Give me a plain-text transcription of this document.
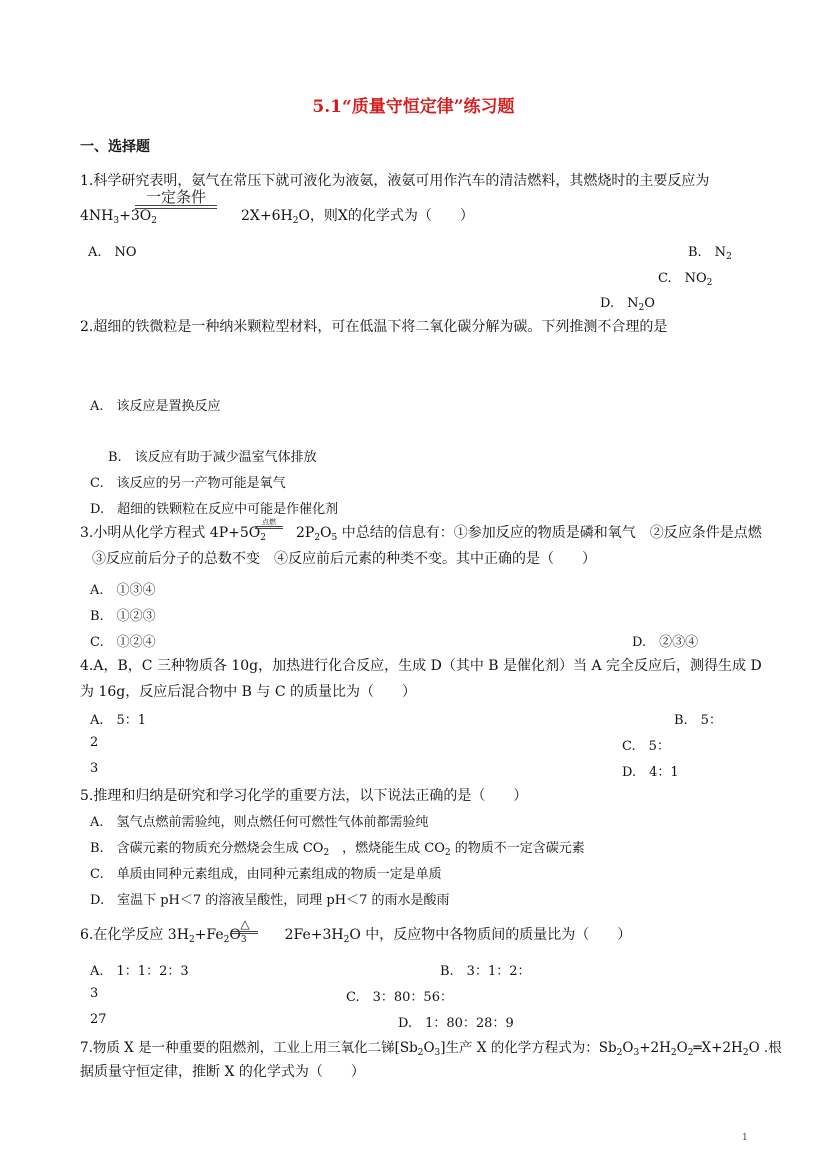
5.1“质量守恒定律”练习题
一、选择题
1.科学研究表明，氨气在常压下就可液化为液氨，液氨可用作汽车的清洁燃料，其燃烧时的主要反应为
$4NH_3+3O_2$	$2X+6H_2O$，则X的化学式为（　　）
一定条件
A.　NO	B.　$N_2$
C.　$NO_2$
D.　$N_2O$
2.超细的铁微粒是一种纳米颗粒型材料，可在低温下将二氧化碳分解为碳。下列推测不合理的是
A.　该反应是置换反应
B.　该反应有助于减少温室气体排放
C.　该反应的另一产物可能是氧气
D.　超细的铁颗粒在反应中可能是作催化剂
3.小明从化学方程式 $4P+5O_2$ $2P_2O_5$ 中总结的信息有：①参加反应的物质是磷和氧气　②反应条件是点燃
点燃
③反应前后分子的总数不变　④反应前后元素的种类不变。其中正确的是（　　）
A.　①③④
B.　①②③
C.　①②④	D.　②③④
4.A，B，C 三种物质各 10g，加热进行化合反应，生成 D（其中 B 是催化剂）当 A 完全反应后，测得生成 D
为 16g，反应后混合物中 B 与 C 的质量比为（　　）
A.　5：1	B.　5：
2	C.　5：
3	D.　4：1
5.推理和归纳是研究和学习化学的重要方法，以下说法正确的是（　　）
A.　氢气点燃前需验纯，则点燃任何可燃性气体前都需验纯
B.　含碳元素的物质充分燃烧会生成 $CO_2$　，燃烧能生成 $CO_2$ 的物质不一定含碳元素
C.　单质由同种元素组成，由同种元素组成的物质一定是单质
D.　室温下 pH＜7 的溶液呈酸性，同理 pH＜7 的雨水是酸雨
6.在化学反应 $3H_2+Fe_2O_3$	$2Fe+3H_2O$ 中，反应物中各物质间的质量比为（　　）
△
A.　1：1：2：3	B.　3：1：2：
3	C.　3：80：56：
27	D.　1：80：28：9
7.物质 X 是一种重要的阻燃剂，工业上用三氧化二锑$[Sb_2O_3]$生产 X 的化学方程式为：$Sb_2O_3+2H_2O_2═X+2H_2O$ .根
据质量守恒定律，推断 X 的化学式为（　　）
1
